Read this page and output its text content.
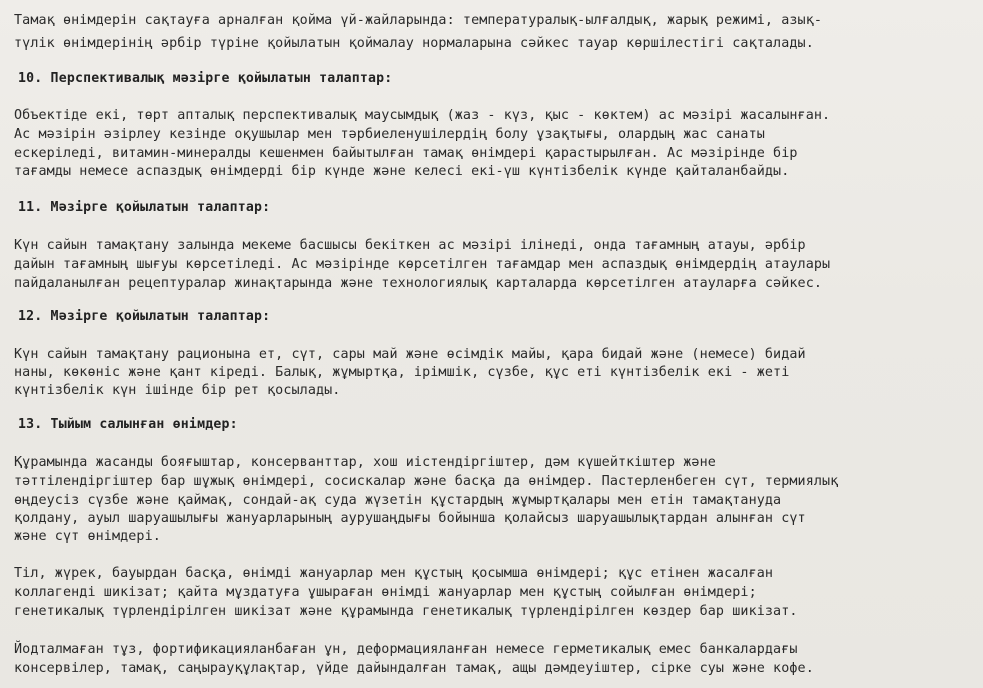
Тамақ өнімдерін сақтауға арналған қойма үй-жайларында: температуралық-ылғалдық, жарық режимі, азық-
түлік өнімдерінің әрбір түріне қойылатын қоймалау нормаларына сәйкес тауар көршілестігі сақталады.
10. Перспективалық мәзірге қойылатын талаптар:
Объектіде екі, төрт апталық перспективалық маусымдық (жаз - күз, қыс - көктем) ас мәзірі жасалынған.
Ас мәзірін әзірлеу кезінде оқушылар мен тәрбиеленушілердің болу ұзақтығы, олардың жас санаты
ескеріледі, витамин-минералды кешенмен байытылған тамақ өнімдері қарастырылған. Ас мәзірінде бір
тағамды немесе аспаздық өнімдерді бір күнде және келесі екі-үш күнтізбелік күнде қайталанбайды.
11. Мәзірге қойылатын талаптар:
Күн сайын тамақтану залында мекеме басшысы бекіткен ас мәзірі ілінеді, онда тағамның атауы, әрбір
дайын тағамның шығуы көрсетіледі. Ас мәзірінде көрсетілген тағамдар мен аспаздық өнімдердің атаулары
пайдаланылған рецептуралар жинақтарында және технологиялық карталарда көрсетілген атауларға сәйкес.
12. Мәзірге қойылатын талаптар:
Күн сайын тамақтану рационына ет, сүт, сары май және өсімдік майы, қара бидай және (немесе) бидай
наны, көкөніс және қант кіреді. Балық, жұмыртқа, ірімшік, сүзбе, құс еті күнтізбелік екі - жеті
күнтізбелік күн ішінде бір рет қосылады.
13. Тыйым салынған өнімдер:
Құрамында жасанды бояғыштар, консерванттар, хош иістендіргіштер, дәм күшейткіштер және
тәттілендіргіштер бар шұжық өнімдері, сосискалар және басқа да өнімдер. Пастерленбеген сүт, термиялық
өңдеусіз сүзбе және қаймақ, сондай-ақ суда жүзетін құстардың жұмыртқалары мен етін тамақтануда
қолдану, ауыл шаруашылығы жануарларының аурушаңдығы бойынша қолайсыз шаруашылықтардан алынған сүт
және сүт өнімдері.
Тіл, жүрек, бауырдан басқа, өнімді жануарлар мен құстың қосымша өнімдері; құс етінен жасалған
коллагенді шикізат; қайта мұздатуға ұшыраған өнімді жануарлар мен құстың сойылған өнімдері;
генетикалық түрлендірілген шикізат және құрамында генетикалық түрлендірілген көздер бар шикізат.
Йодталмаған тұз, фортификацияланбаған ұн, деформацияланған немесе герметикалық емес банкалардағы
консервілер, тамақ, саңырауқұлақтар, үйде дайындалған тамақ, ащы дәмдеуіштер, сірке суы және кофе.
